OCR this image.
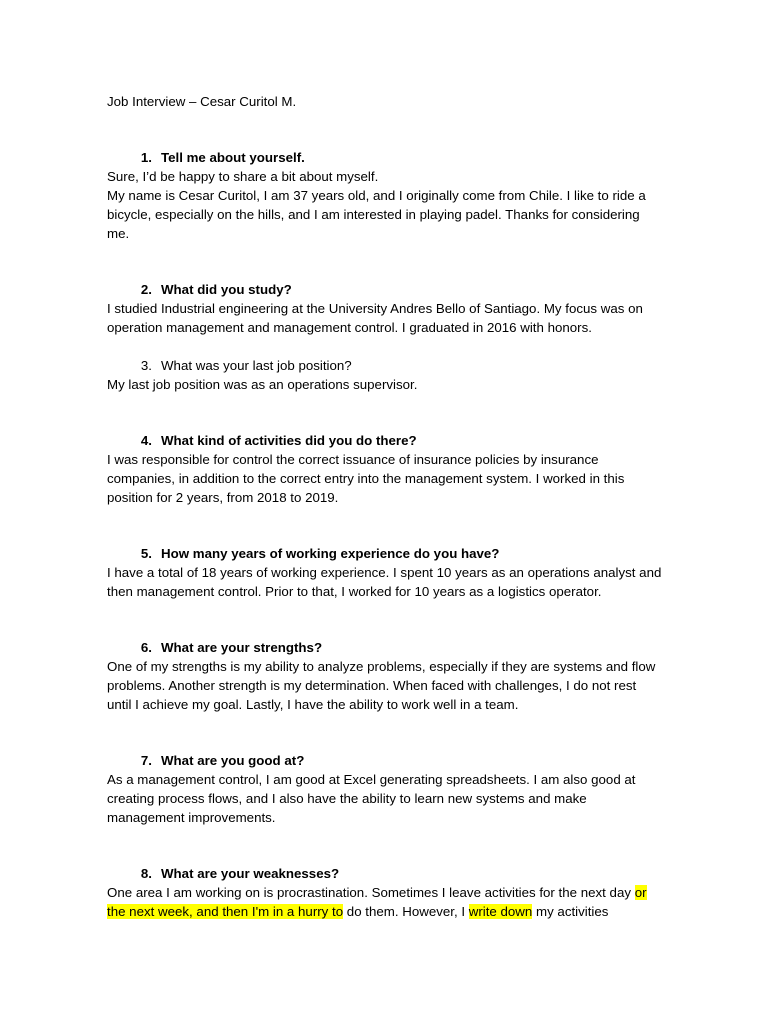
Job Interview – Cesar Curitol M.

1. Tell me about yourself.

Sure, I’d be happy to share a bit about myself.

My name is Cesar Curitol, I am 37 years old, and I originally come from Chile. I like to ride a bicycle, especially on the hills, and I am interested in playing padel. Thanks for considering me.

2. What did you study?

I studied Industrial engineering at the University Andres Bello of Santiago. My focus was on operation management and management control. I graduated in 2016 with honors.

3. What was your last job position?

My last job position was as an operations supervisor.

4. What kind of activities did you do there?

I was responsible for control the correct issuance of insurance policies by insurance companies, in addition to the correct entry into the management system. I worked in this position for 2 years, from 2018 to 2019.

5. How many years of working experience do you have?

I have a total of 18 years of working experience. I spent 10 years as an operations analyst and then management control. Prior to that, I worked for 10 years as a logistics operator.

6. What are your strengths?

One of my strengths is my ability to analyze problems, especially if they are systems and flow problems. Another strength is my determination. When faced with challenges, I do not rest until I achieve my goal. Lastly, I have the ability to work well in a team.

7. What are you good at?

As a management control, I am good at Excel generating spreadsheets. I am also good at creating process flows, and I also have the ability to learn new systems and make management improvements.

8. What are your weaknesses?

One area I am working on is procrastination. Sometimes I leave activities for the next day or the next week, and then I'm in a hurry to do them. However, I write down my activities
